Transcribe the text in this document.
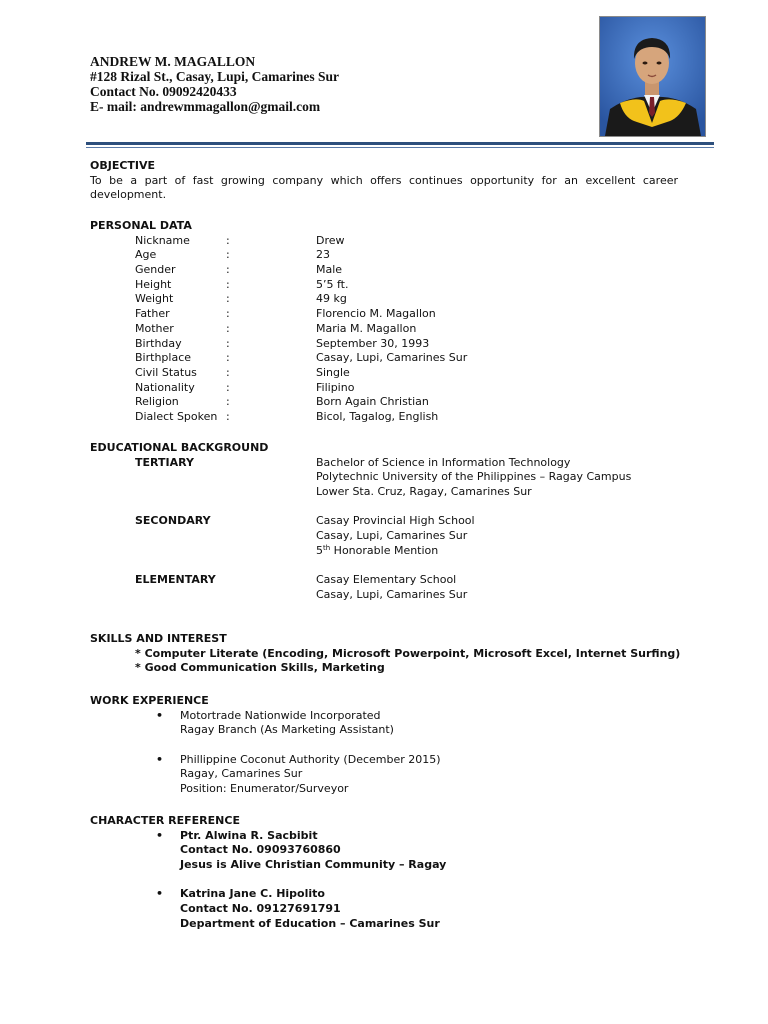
ANDREW M. MAGALLON
#128 Rizal St., Casay, Lupi, Camarines Sur
Contact No. 09092420433
E- mail: andrewmmagallon@gmail.com
OBJECTIVE
To be a part of fast growing company which offers continues opportunity for an excellent career development.
PERSONAL DATA
Nickname	:	Drew
Age	:	23
Gender	:	Male
Height	:	5’5 ft.
Weight	:	49 kg
Father	:	Florencio M. Magallon
Mother	:	Maria M. Magallon
Birthday	:	September 30, 1993
Birthplace	:	Casay, Lupi, Camarines Sur
Civil Status	:	Single
Nationality	:	Filipino
Religion	:	Born Again Christian
Dialect Spoken :	Bicol, Tagalog, English
EDUCATIONAL BACKGROUND
TERTIARY	Bachelor of Science in Information Technology
Polytechnic University of the Philippines – Ragay Campus
Lower Sta. Cruz, Ragay, Camarines Sur
SECONDARY	Casay Provincial High School
Casay, Lupi, Camarines Sur
5th Honorable Mention
ELEMENTARY	Casay Elementary School
Casay, Lupi, Camarines Sur
SKILLS AND INTEREST
* Computer Literate (Encoding, Microsoft Powerpoint, Microsoft Excel, Internet Surfing)
* Good Communication Skills, Marketing
WORK EXPERIENCE
• Motortrade Nationwide Incorporated
Ragay Branch (As Marketing Assistant)
• Phillippine Coconut Authority (December 2015)
Ragay, Camarines Sur
Position: Enumerator/Surveyor
CHARACTER REFERENCE
• Ptr. Alwina R. Sacbibit
Contact No. 09093760860
Jesus is Alive Christian Community – Ragay
• Katrina Jane C. Hipolito
Contact No. 09127691791
Department of Education – Camarines Sur
